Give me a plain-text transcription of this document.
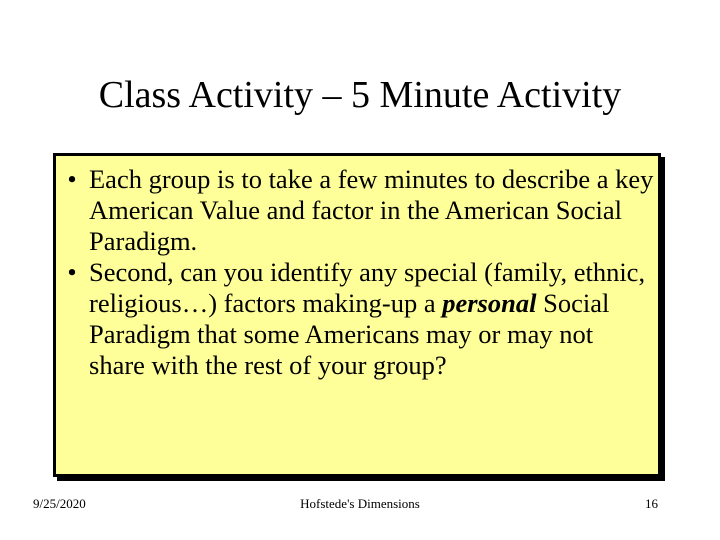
Class Activity – 5 Minute Activity
• Each group is to take a few minutes to describe a key American Value and factor in the American Social Paradigm.
• Second, can you identify any special (family, ethnic, religious…) factors making-up a personal Social Paradigm that some Americans may or may not share with the rest of your group?
9/25/2020	Hofstede's Dimensions	16
